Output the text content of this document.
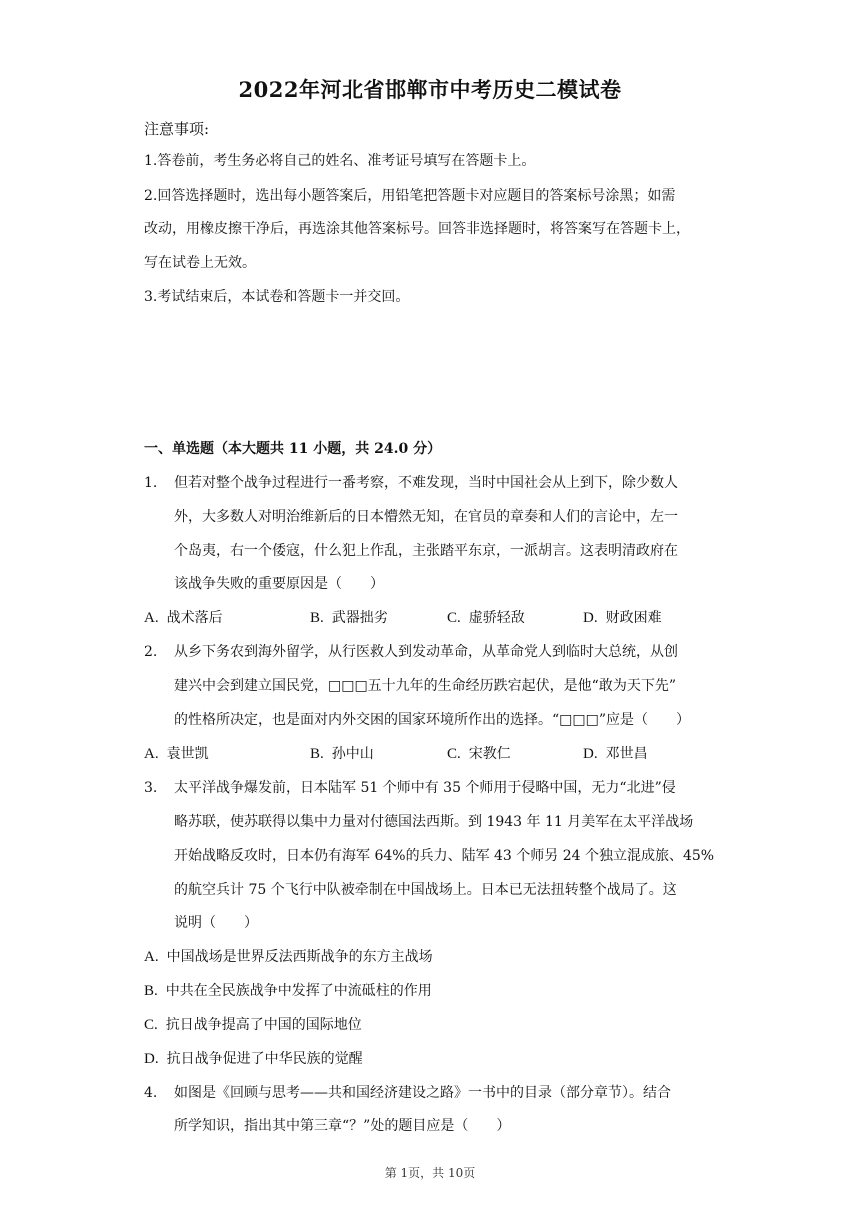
2022年河北省邯郸市中考历史二模试卷
注意事项:
1.答卷前，考生务必将自己的姓名、准考证号填写在答题卡上。
2.回答选择题时，选出每小题答案后，用铅笔把答题卡对应题目的答案标号涂黑；如需
改动，用橡皮擦干净后，再选涂其他答案标号。回答非选择题时，将答案写在答题卡上，
写在试卷上无效。
3.考试结束后，本试卷和答题卡一并交回。
一、单选题（本大题共 11 小题，共 24.0 分）
1. 但若对整个战争过程进行一番考察，不难发现，当时中国社会从上到下，除少数人
外，大多数人对明治维新后的日本懵然无知，在官员的章奏和人们的言论中，左一
个岛夷，右一个倭寇，什么犯上作乱，主张踏平东京，一派胡言。这表明清政府在
该战争失败的重要原因是（　　）
A. 战术落后	B. 武器拙劣	C. 虚骄轻敌	D. 财政困难
2. 从乡下务农到海外留学，从行医救人到发动革命，从革命党人到临时大总统，从创
建兴中会到建立国民党，□□□五十九年的生命经历跌宕起伏，是他“敢为天下先”
的性格所决定，也是面对内外交困的国家环境所作出的选择。“□□□”应是（　　）
A. 袁世凯	B. 孙中山	C. 宋教仁	D. 邓世昌
3. 太平洋战争爆发前，日本陆军 51 个师中有 35 个师用于侵略中国，无力“北进”侵
略苏联，使苏联得以集中力量对付德国法西斯。到 1943 年 11 月美军在太平洋战场
开始战略反攻时，日本仍有海军 64%的兵力、陆军 43 个师另 24 个独立混成旅、45%
的航空兵计 75 个飞行中队被牵制在中国战场上。日本已无法扭转整个战局了。这
说明（　　）
A. 中国战场是世界反法西斯战争的东方主战场
B. 中共在全民族战争中发挥了中流砥柱的作用
C. 抗日战争提高了中国的国际地位
D. 抗日战争促进了中华民族的觉醒
4. 如图是《回顾与思考——共和国经济建设之路》一书中的目录（部分章节）。结合
所学知识，指出其中第三章“？”处的题目应是（　　）
第 1页，共 10页
